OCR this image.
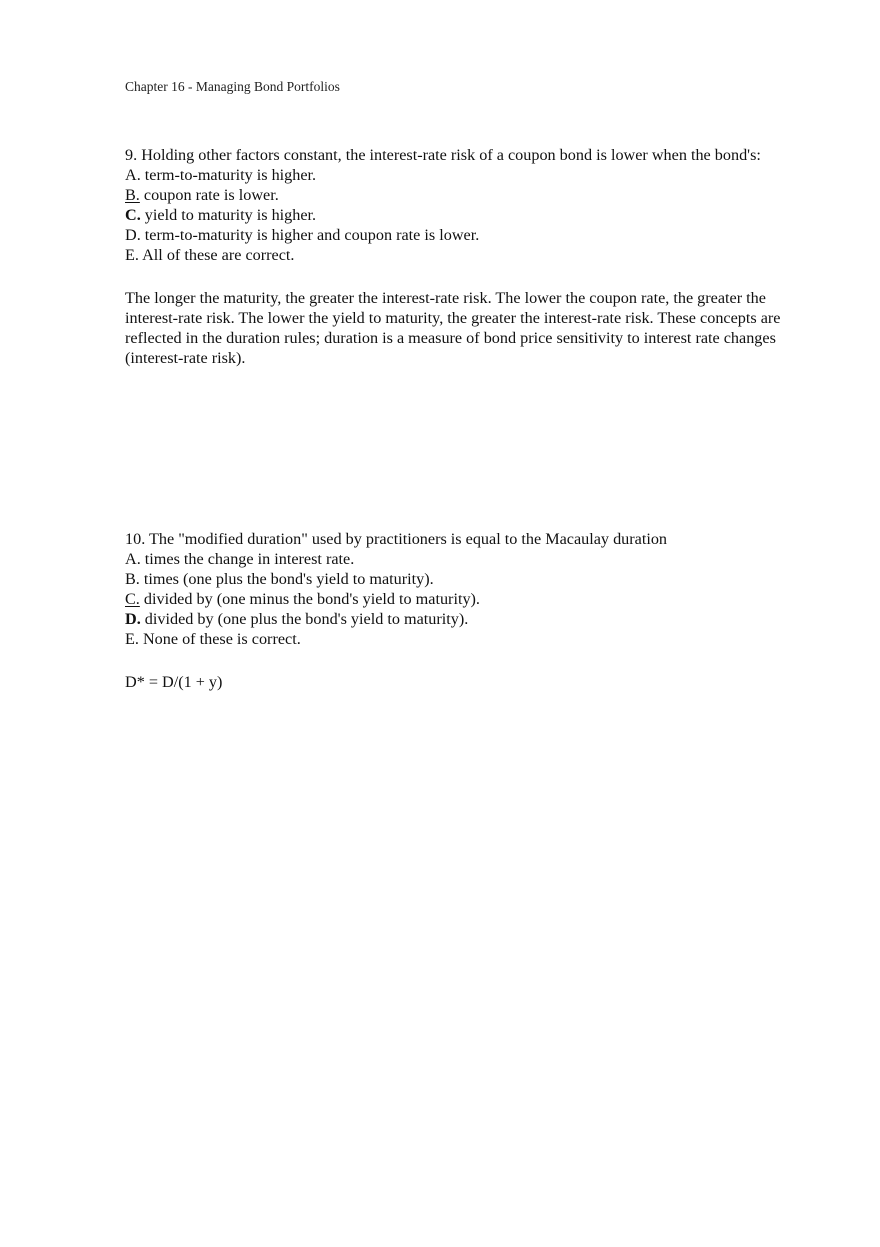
Chapter 16 - Managing Bond Portfolios

9. Holding other factors constant, the interest-rate risk of a coupon bond is lower when the bond's:

A. term-to-maturity is higher.
B. coupon rate is lower.
C. yield to maturity is higher.
D. term-to-maturity is higher and coupon rate is lower.
E. All of these are correct.

The longer the maturity, the greater the interest-rate risk. The lower the coupon rate, the greater the interest-rate risk. The lower the yield to maturity, the greater the interest-rate risk. These concepts are reflected in the duration rules; duration is a measure of bond price sensitivity to interest rate changes (interest-rate risk).

10. The "modified duration" used by practitioners is equal to the Macaulay duration

A. times the change in interest rate.
B. times (one plus the bond's yield to maturity).
C. divided by (one minus the bond's yield to maturity).
D. divided by (one plus the bond's yield to maturity).
E. None of these is correct.

D* = D/(1 + y)
